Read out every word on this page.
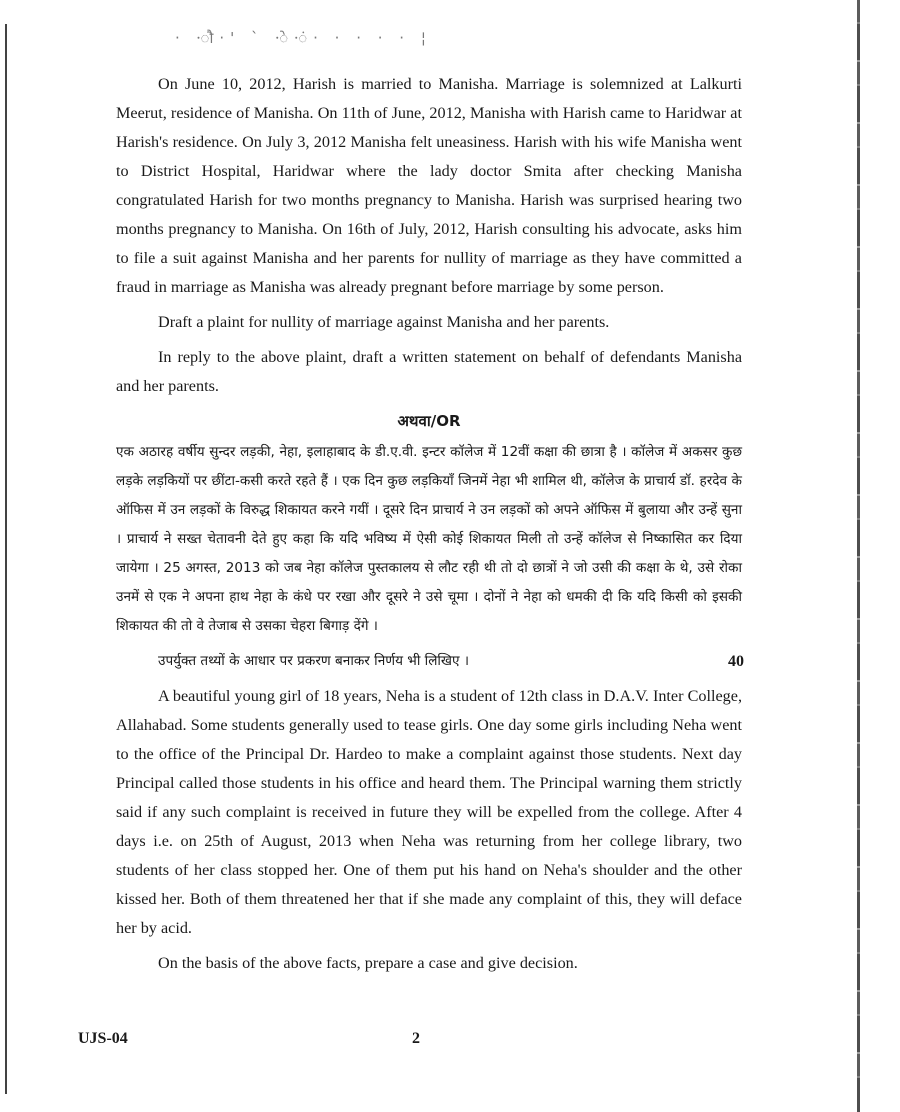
· ·ौ·' ` ·े·ं· · · · · ¦

On June 10, 2012, Harish is married to Manisha. Marriage is solemnized at Lalkurti Meerut, residence of Manisha. On 11th of June, 2012, Manisha with Harish came to Haridwar at Harish's residence. On July 3, 2012 Manisha felt uneasiness. Harish with his wife Manisha went to District Hospital, Haridwar where the lady doctor Smita after checking Manisha congratulated Harish for two months pregnancy to Manisha. Harish was surprised hearing two months pregnancy to Manisha. On 16th of July, 2012, Harish consulting his advocate, asks him to file a suit against Manisha and her parents for nullity of marriage as they have committed a fraud in marriage as Manisha was already pregnant before marriage by some person.

Draft a plaint for nullity of marriage against Manisha and her parents.

In reply to the above plaint, draft a written statement on behalf of defendants Manisha and her parents.

अथवा/OR

एक अठारह वर्षीय सुन्दर लड़की, नेहा, इलाहाबाद के डी.ए.वी. इन्टर कॉलेज में 12वीं कक्षा की छात्रा है । कॉलेज में अकसर कुछ लड़के लड़कियों पर छींटा-कसी करते रहते हैं । एक दिन कुछ लड़कियाँ जिनमें नेहा भी शामिल थी, कॉलेज के प्राचार्य डॉ. हरदेव के ऑफिस में उन लड़कों के विरुद्ध शिकायत करने गयीं । दूसरे दिन प्राचार्य ने उन लड़कों को अपने ऑफिस में बुलाया और उन्हें सुना । प्राचार्य ने सख्त चेतावनी देते हुए कहा कि यदि भविष्य में ऐसी कोई शिकायत मिली तो उन्हें कॉलेज से निष्कासित कर दिया जायेगा । 25 अगस्त, 2013 को जब नेहा कॉलेज पुस्तकालय से लौट रही थी तो दो छात्रों ने जो उसी की कक्षा के थे, उसे रोका उनमें से एक ने अपना हाथ नेहा के कंधे पर रखा और दूसरे ने उसे चूमा । दोनों ने नेहा को धमकी दी कि यदि किसी को इसकी शिकायत की तो वे तेजाब से उसका चेहरा बिगाड़ देंगे ।

उपर्युक्त तथ्यों के आधार पर प्रकरण बनाकर निर्णय भी लिखिए ।	40

A beautiful young girl of 18 years, Neha is a student of 12th class in D.A.V. Inter College, Allahabad. Some students generally used to tease girls. One day some girls including Neha went to the office of the Principal Dr. Hardeo to make a complaint against those students. Next day Principal called those students in his office and heard them. The Principal warning them strictly said if any such complaint is received in future they will be expelled from the college. After 4 days i.e. on 25th of August, 2013 when Neha was returning from her college library, two students of her class stopped her. One of them put his hand on Neha's shoulder and the other kissed her. Both of them threatened her that if she made any complaint of this, they will deface her by acid.

On the basis of the above facts, prepare a case and give decision.

UJS-04	2
